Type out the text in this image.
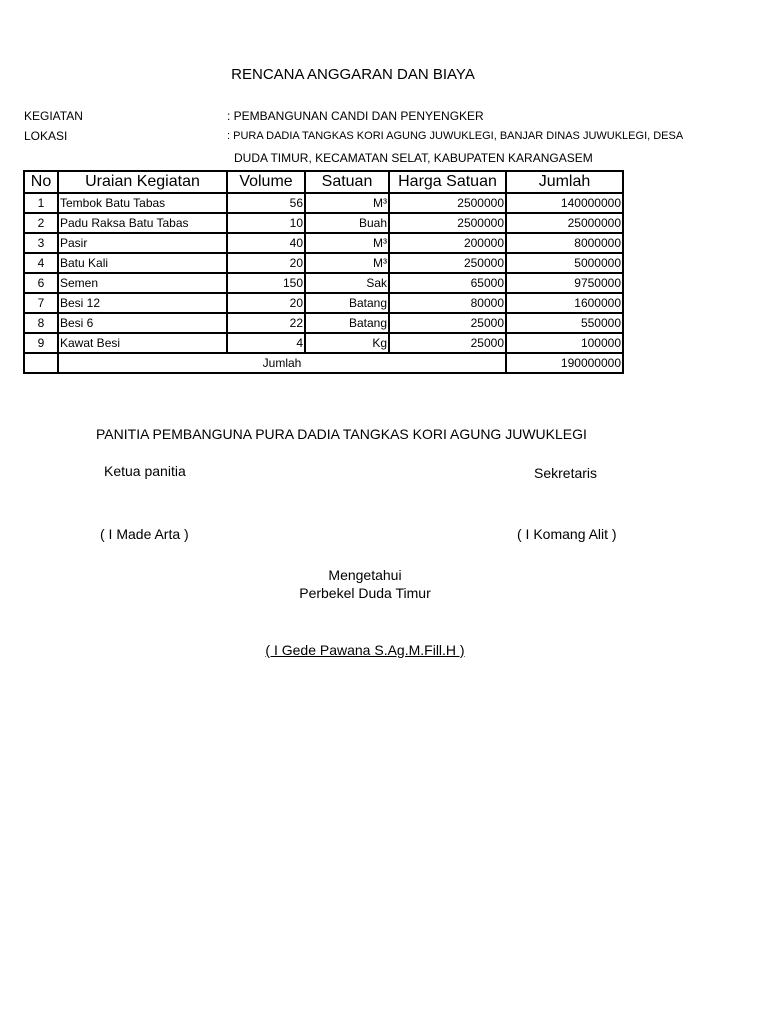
RENCANA ANGGARAN DAN BIAYA
KEGIATAN	: PEMBANGUNAN CANDI DAN PENYENGKER
LOKASI	: PURA DADIA TANGKAS KORI AGUNG JUWUKLEGI, BANJAR DINAS JUWUKLEGI, DESA
DUDA TIMUR, KECAMATAN SELAT, KABUPATEN KARANGASEM
No	Uraian Kegiatan	Volume	Satuan	Harga Satuan	Jumlah
1	Tembok Batu Tabas	56	M³	2500000	140000000
2	Padu Raksa Batu Tabas	10	Buah	2500000	25000000
3	Pasir	40	M³	200000	8000000
4	Batu Kali	20	M³	250000	5000000
6	Semen	150	Sak	65000	9750000
7	Besi 12	20	Batang	80000	1600000
8	Besi 6	22	Batang	25000	550000
9	Kawat Besi	4	Kg	25000	100000
	Jumlah				190000000
PANITIA PEMBANGUNA PURA DADIA TANGKAS KORI AGUNG JUWUKLEGI
Ketua panitia	Sekretaris
( I Made Arta )	( I Komang Alit )
Mengetahui
Perbekel Duda Timur
( I Gede Pawana S.Ag.M.Fill.H )
